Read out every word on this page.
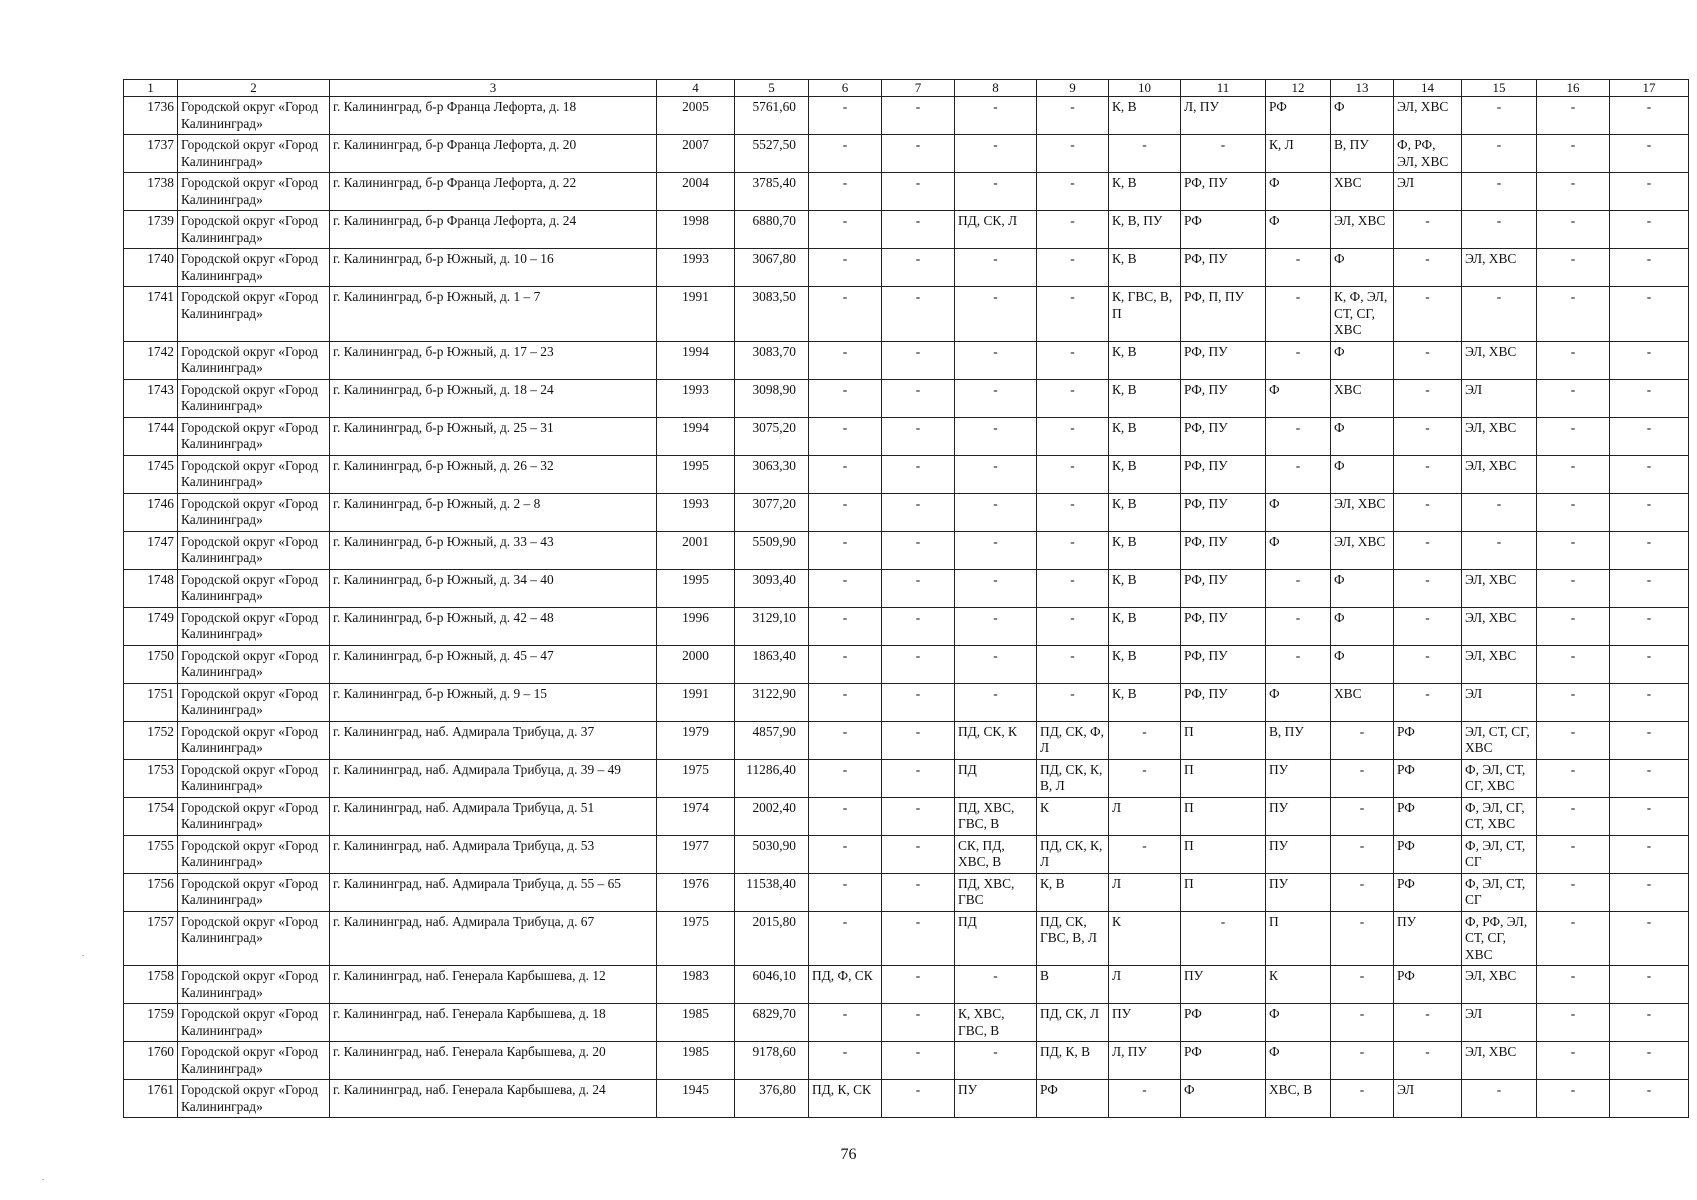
1	2	3	4	5	6	7	8	9	10	11	12	13	14	15	16	17
1736	Городской округ «Город Калининград»	г. Калининград, б-р Франца Лефорта, д. 18	2005	5761,60	-	-	-	-	К, В	Л, ПУ	РФ	Ф	ЭЛ, ХВС	-	-	-
1737	Городской округ «Город Калининград»	г. Калининград, б-р Франца Лефорта, д. 20	2007	5527,50	-	-	-	-	-	-	К, Л	В, ПУ	Ф, РФ, ЭЛ, ХВС	-	-	-
1738	Городской округ «Город Калининград»	г. Калининград, б-р Франца Лефорта, д. 22	2004	3785,40	-	-	-	-	К, В	РФ, ПУ	Ф	ХВС	ЭЛ	-	-	-
1739	Городской округ «Город Калининград»	г. Калининград, б-р Франца Лефорта, д. 24	1998	6880,70	-	-	ПД, СК, Л	-	К, В, ПУ	РФ	Ф	ЭЛ, ХВС	-	-	-	-
1740	Городской округ «Город Калининград»	г. Калининград, б-р Южный, д. 10 – 16	1993	3067,80	-	-	-	-	К, В	РФ, ПУ	-	Ф	-	ЭЛ, ХВС	-	-
1741	Городской округ «Город Калининград»	г. Калининград, б-р Южный, д. 1 – 7	1991	3083,50	-	-	-	-	К, ГВС, В, П	РФ, П, ПУ	-	К, Ф, ЭЛ, СТ, СГ, ХВС	-	-	-	-
1742	Городской округ «Город Калининград»	г. Калининград, б-р Южный, д. 17 – 23	1994	3083,70	-	-	-	-	К, В	РФ, ПУ	-	Ф	-	ЭЛ, ХВС	-	-
1743	Городской округ «Город Калининград»	г. Калининград, б-р Южный, д. 18 – 24	1993	3098,90	-	-	-	-	К, В	РФ, ПУ	Ф	ХВС	-	ЭЛ	-	-
1744	Городской округ «Город Калининград»	г. Калининград, б-р Южный, д. 25 – 31	1994	3075,20	-	-	-	-	К, В	РФ, ПУ	-	Ф	-	ЭЛ, ХВС	-	-
1745	Городской округ «Город Калининград»	г. Калининград, б-р Южный, д. 26 – 32	1995	3063,30	-	-	-	-	К, В	РФ, ПУ	-	Ф	-	ЭЛ, ХВС	-	-
1746	Городской округ «Город Калининград»	г. Калининград, б-р Южный, д. 2 – 8	1993	3077,20	-	-	-	-	К, В	РФ, ПУ	Ф	ЭЛ, ХВС	-	-	-	-
1747	Городской округ «Город Калининград»	г. Калининград, б-р Южный, д. 33 – 43	2001	5509,90	-	-	-	-	К, В	РФ, ПУ	Ф	ЭЛ, ХВС	-	-	-	-
1748	Городской округ «Город Калининград»	г. Калининград, б-р Южный, д. 34 – 40	1995	3093,40	-	-	-	-	К, В	РФ, ПУ	-	Ф	-	ЭЛ, ХВС	-	-
1749	Городской округ «Город Калининград»	г. Калининград, б-р Южный, д. 42 – 48	1996	3129,10	-	-	-	-	К, В	РФ, ПУ	-	Ф	-	ЭЛ, ХВС	-	-
1750	Городской округ «Город Калининград»	г. Калининград, б-р Южный, д. 45 – 47	2000	1863,40	-	-	-	-	К, В	РФ, ПУ	-	Ф	-	ЭЛ, ХВС	-	-
1751	Городской округ «Город Калининград»	г. Калининград, б-р Южный, д. 9 – 15	1991	3122,90	-	-	-	-	К, В	РФ, ПУ	Ф	ХВС	-	ЭЛ	-	-
1752	Городской округ «Город Калининград»	г. Калининград, наб. Адмирала Трибуца, д. 37	1979	4857,90	-	-	ПД, СК, К	ПД, СК, Ф, Л	-	П	В, ПУ	-	РФ	ЭЛ, СТ, СГ, ХВС	-	-
1753	Городской округ «Город Калининград»	г. Калининград, наб. Адмирала Трибуца, д. 39 – 49	1975	11286,40	-	-	ПД	ПД, СК, К, В, Л	-	П	ПУ	-	РФ	Ф, ЭЛ, СТ, СГ, ХВС	-	-
1754	Городской округ «Город Калининград»	г. Калининград, наб. Адмирала Трибуца, д. 51	1974	2002,40	-	-	ПД, ХВС, ГВС, В	К	Л	П	ПУ	-	РФ	Ф, ЭЛ, СГ, СТ, ХВС	-	-
1755	Городской округ «Город Калининград»	г. Калининград, наб. Адмирала Трибуца, д. 53	1977	5030,90	-	-	СК, ПД, ХВС, В	ПД, СК, К, Л	-	П	ПУ	-	РФ	Ф, ЭЛ, СТ, СГ	-	-
1756	Городской округ «Город Калининград»	г. Калининград, наб. Адмирала Трибуца, д. 55 – 65	1976	11538,40	-	-	ПД, ХВС, ГВС	К, В	Л	П	ПУ	-	РФ	Ф, ЭЛ, СТ, СГ	-	-
1757	Городской округ «Город Калининград»	г. Калининград, наб. Адмирала Трибуца, д. 67	1975	2015,80	-	-	ПД	ПД, СК, ГВС, В, Л	К	-	П	-	ПУ	Ф, РФ, ЭЛ, СТ, СГ, ХВС	-	-
1758	Городской округ «Город Калининград»	г. Калининград, наб. Генерала Карбышева, д. 12	1983	6046,10	ПД, Ф, СК	-	-	В	Л	ПУ	К	-	РФ	ЭЛ, ХВС	-	-
1759	Городской округ «Город Калининград»	г. Калининград, наб. Генерала Карбышева, д. 18	1985	6829,70	-	-	К, ХВС, ГВС, В	ПД, СК, Л	ПУ	РФ	Ф	-	-	ЭЛ	-	-
1760	Городской округ «Город Калининград»	г. Калининград, наб. Генерала Карбышева, д. 20	1985	9178,60	-	-	-	ПД, К, В	Л, ПУ	РФ	Ф	-	-	ЭЛ, ХВС	-	-
1761	Городской округ «Город Калининград»	г. Калининград, наб. Генерала Карбышева, д. 24	1945	376,80	ПД, К, СК	-	ПУ	РФ	-	Ф	ХВС, В	-	ЭЛ	-	-	-
76
